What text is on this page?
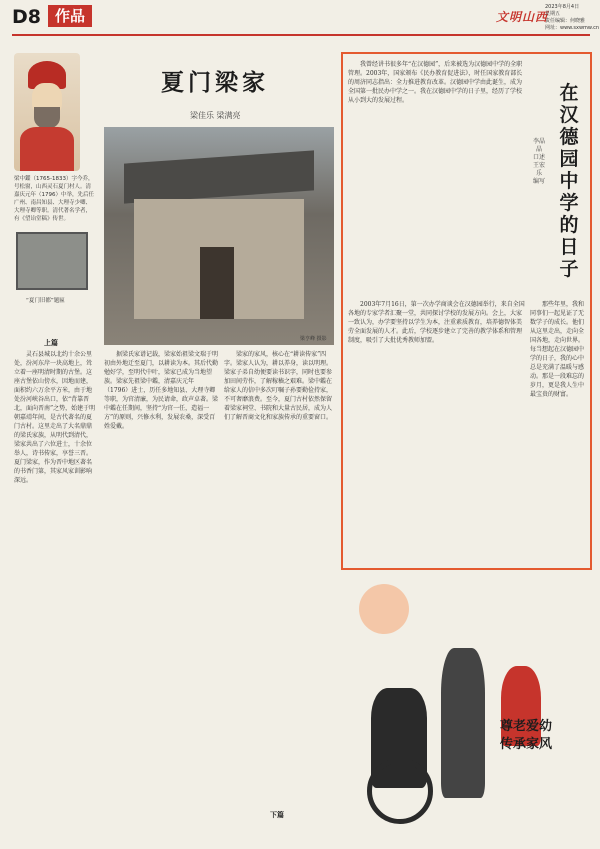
D8 作品	文明山西
2023年8月4日
星期五
责任编辑：何晓雅
网址：www.sxwmw.cn
夏门梁家
梁佳乐 梁满亮
梁中鑑（1765-1833）字今乔，号松窗，山西灵石夏门村人。清嘉庆元年（1796）中举，先后任广州、南昌知县、大理寺少卿、大理寺卿等职。清代著名学者，有《望诒堂稿》传世。
“夏门旧都”题匾
梁亨峰 摄影
上篇

灵石县城以北约十余公里处，汾河东岸一块高地上，耸立着一座明清时期的古堡。这座古堡依山傍水，因地而建，面积约六万余平方米，由于地处汾河峡谷出口，依“背靠晋北，面向晋南”之势，始建于明朝嘉靖年间，是古代著名的夏门古村。这里走出了大名鼎鼎的梁氏家族，从明代到清代，梁家共出了六位进士，十余位举人，诗书传家，享誉三晋。夏门梁家，作为晋中地区著名的书香门第，其家风家训影响深远。

据梁氏家谱记载，梁家始祖梁文瑞于明初由外地迁至夏门，以耕读为本。其后代勤勉好学，至明代中叶，梁家已成为当地望族。梁家先祖梁中鑑，清嘉庆元年（1796）进士，历任多地知县、大理寺卿等职，为官清廉，为民请命，政声卓著。梁中鑑在任期间，坚持“为官一任，造福一方”的原则，兴修水利，发展农桑，深受百姓爱戴。

梁家的家风，核心在“耕读传家”四字。梁家人认为，耕以养身，读以明理。梁家子弟自幼便要读书识字，同时也要参加田间劳作，了解稼穑之艰难。梁中鑑在给家人的信中多次叮嘱子孙要勤俭持家，不可奢靡浪费。至今，夏门古村依然保留着梁家祠堂、书院和大量古民居，成为人们了解晋商文化和家族传承的重要窗口。

下篇
在汉德园中学的日子
李晶晶 口述 王宏乐 编写

我曾经讲书很多年“在汉德园”，后来被选为汉德园中学的全职管理。2003年，国家颁布《民办教育促进法》，时任国家教育部长的周济同志指出：全力推进教育改革。汉德园中学由此诞生，成为全国第一批民办中学之一。我在汉德园中学的日子里，经历了学校从小到大的发展过程。

2003年7月16日，第一次办学商谈会在汉德园举行，来自全国各地的专家学者汇聚一堂，共同探讨学校的发展方向。会上，大家一致认为，办学要坚持以学生为本，注重素质教育，培养德智体美劳全面发展的人才。此后，学校逐步建立了完善的教学体系和管理制度，吸引了大批优秀教师加盟。

那些年里，我和同事们一起见证了无数学子的成长。他们从这里走出，走向全国各地，走向世界。每当想起在汉德园中学的日子，我的心中总是充满了温暖与感动。那是一段难忘的岁月，更是我人生中最宝贵的财富。

尊老爱幼
传承家风
